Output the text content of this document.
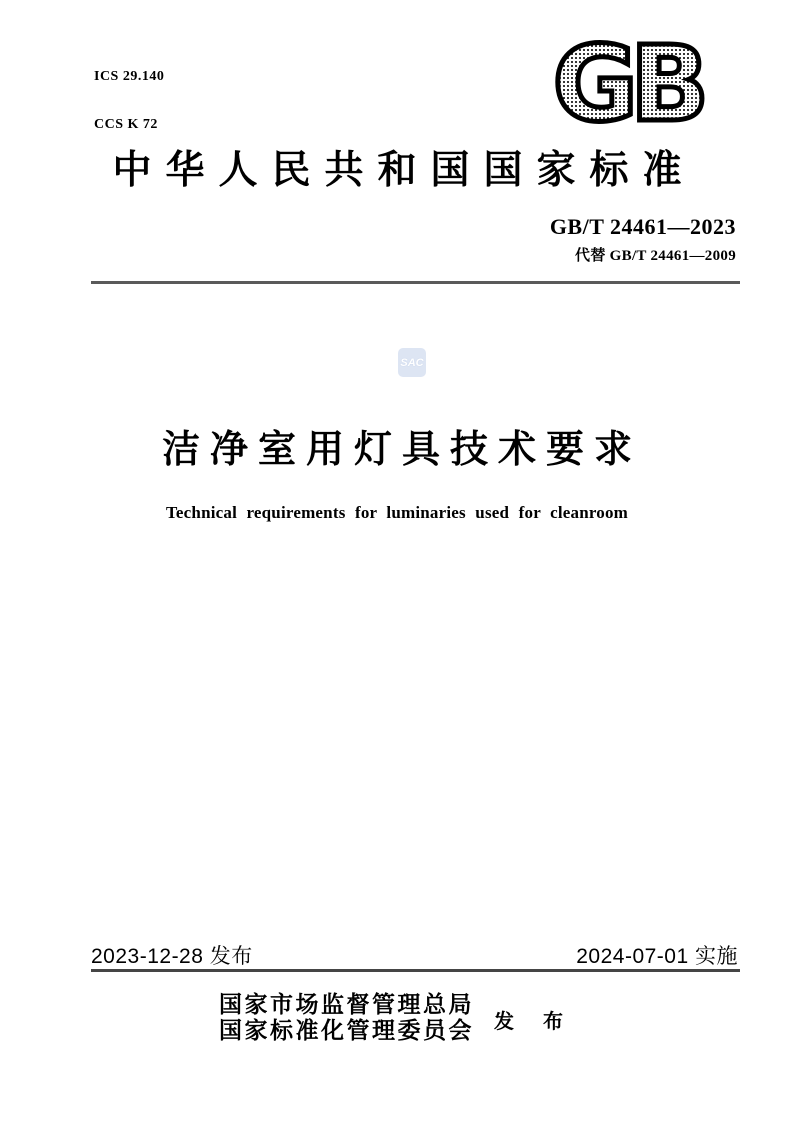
ICS 29.140

CCS K 72

	GB
中华人民共和国国家标准
GB/T 24461—2023
代替 GB/T 24461—2009
SAC
洁净室用灯具技术要求
Technical requirements for luminaries used for cleanroom
2023-12-28 发布	2024-07-01 实施
国家市场监督管理总局
国家标准化管理委员会 发 布
